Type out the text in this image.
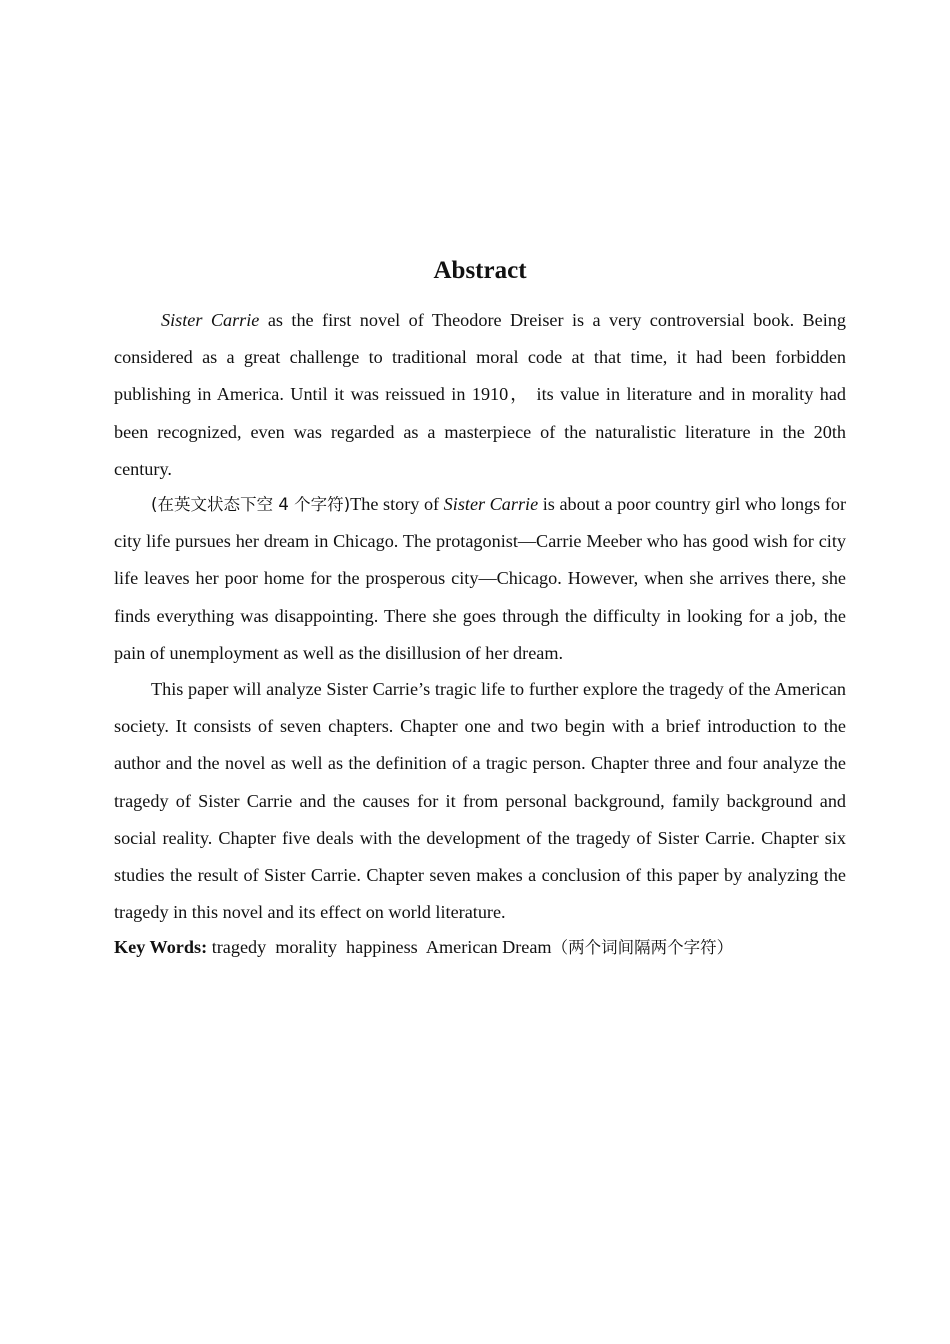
Abstract

Sister Carrie as the first novel of Theodore Dreiser is a very controversial book. Being considered as a great challenge to traditional moral code at that time, it had been forbidden publishing in America. Until it was reissued in 1910， its value in literature and in morality had been recognized, even was regarded as a masterpiece of the naturalistic literature in the 20th century.

(在英文状态下空 4 个字符)The story of Sister Carrie is about a poor country girl who longs for city life pursues her dream in Chicago. The protagonist—Carrie Meeber who has good wish for city life leaves her poor home for the prosperous city—Chicago. However, when she arrives there, she finds everything was disappointing. There she goes through the difficulty in looking for a job, the pain of unemployment as well as the disillusion of her dream.

This paper will analyze Sister Carrie’s tragic life to further explore the tragedy of the American society. It consists of seven chapters. Chapter one and two begin with a brief introduction to the author and the novel as well as the definition of a tragic person. Chapter three and four analyze the tragedy of Sister Carrie and the causes for it from personal background, family background and social reality. Chapter five deals with the development of the tragedy of Sister Carrie. Chapter six studies the result of Sister Carrie. Chapter seven makes a conclusion of this paper by analyzing the tragedy in this novel and its effect on world literature.

Key Words: tragedy  morality  happiness  American Dream（两个词间隔两个字符）
